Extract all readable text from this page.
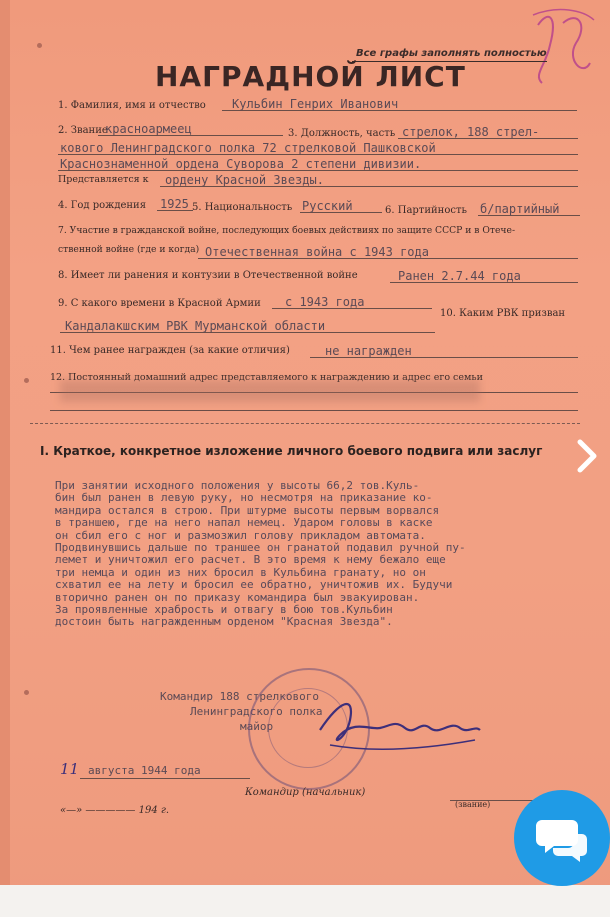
Все графы заполнять полностью
НАГРАДНОЙ ЛИСТ
1. Фамилия, имя и отчество Кульбин Генрих Иванович
2. Звание
красноармеец	3. Должность, часть стрелок, 188 стрел-
кового Ленинградского полка 72 стрелковой Пашковской
Краснознаменной ордена Суворова 2 степени дивизии.
Представляется к ордену Красной Звезды.
4. Год рождения 1925 5. Национальность Русский	6. Партийность б/партийный
7. Участие в гражданской войне, последующих боевых действиях по защите СССР и в Отече-
ственной войне (где и когда) Отечественная война с 1943 года
8. Имеет ли ранения и контузии в Отечественной войне	Ранен 2.7.44 года
9. С какого времени в Красной Армии с 1943 года
10. Каким РВК призван
Кандалакшским РВК Мурманской области
11. Чем ранее награжден (за какие отличия)	не награжден
12. Постоянный домашний адрес представляемого к награждению и адрес его семьи
I. Краткое, конкретное изложение личного боевого подвига или заслуг
При занятии исходного положения у высоты 66,2 тов.Куль-
бин был ранен в левую руку, но несмотря на приказание ко-
мандира остался в строю. При штурме высоты первым ворвался
в траншею, где на него напал немец. Ударом головы в каске
он сбил его с ног и размозжил голову прикладом автомата.
Продвинувшись дальше по траншее он гранатой подавил ручной пу-
лемет и уничтожил его расчет. В это время к нему бежало еще
три немца и один из них бросил в Кульбина гранату, но он
схватил ее на лету и бросил ее обратно, уничтожив их. Будучи
вторично ранен он по приказу командира был эвакуирован.
За проявленные храбрость и отвагу в бою тов.Кульбин
достоин быть награжденным орденом "Красная Звезда".
Командир 188 стрелкового
Ленинградского полка
майор
11 августа 1944 года
Командир (начальник)
«—» ————— 194 г.
(звание)
